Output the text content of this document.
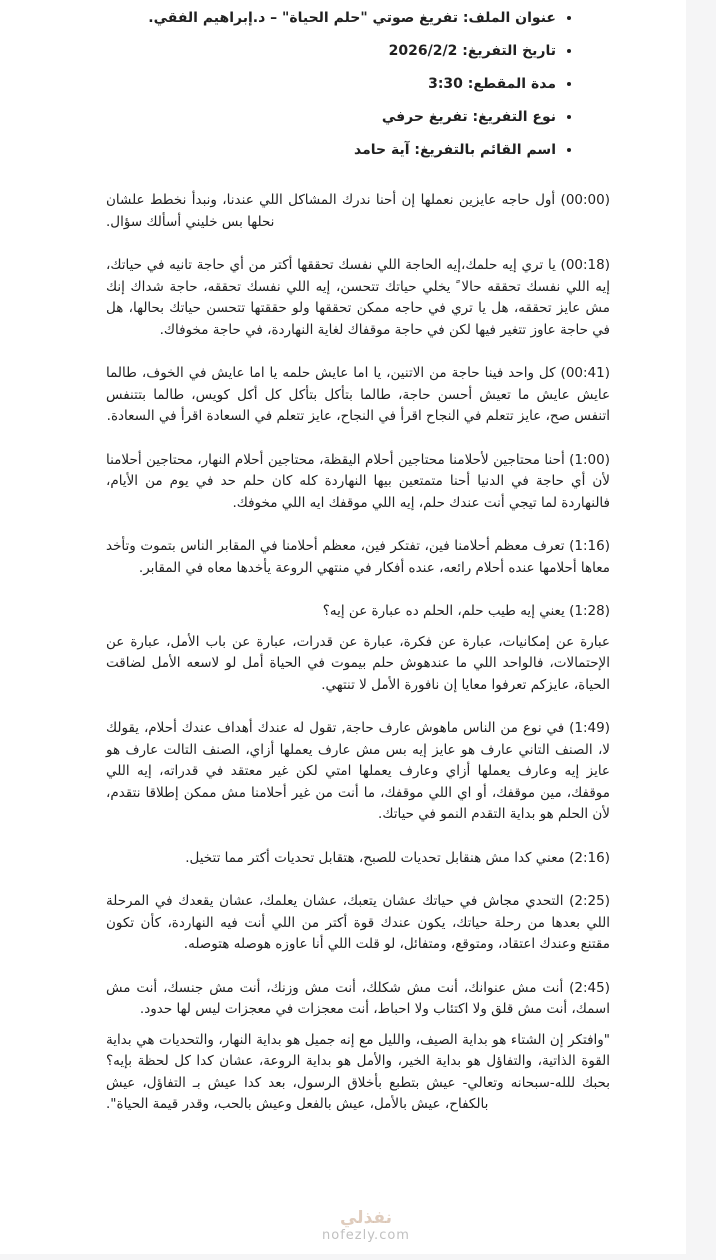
• عنوان الملف: تفريغ صوتي "حلم الحياة" – د.إبراهيم الفقي.
• تاريخ التفريغ: 2026/2/2
• مدة المقطع: 3:30
• نوع التفريغ: تفريغ حرفي
• اسم القائم بالتفريغ: آية حامد

(00:00) أول حاجه عايزين نعملها إن أحنا ندرك المشاكل اللي عندنا، ونبدأ نخطط علشان نحلها بس خليني أسألك سؤال.

(00:18) يا تري إيه حلمك،إيه الحاجة اللي نفسك تحققها أكتر من أي حاجة تانيه في حياتك، إيه اللي نفسك تحققه حالا ً يخلي حياتك تتحسن، إيه اللي نفسك تحققه، حاجة شداك إنك مش عايز تحققه، هل يا تري في حاجه ممكن تحققها ولو حققتها تتحسن حياتك بحالها، هل في حاجة عاوز تتغير فيها لكن في حاجة موقفاك لغاية النهاردة، في حاجة مخوفاك.

(00:41) كل واحد فينا حاجة من الاتنين، يا اما عايش حلمه يا اما عايش في الخوف، طالما عايش عايش ما تعيش أحسن حاجة، طالما بتأكل بتأكل كل أكل كويس، طالما بتتنفس اتنفس صح، عايز تتعلم في النجاح اقرأ في النجاح، عايز تتعلم في السعادة اقرأ في السعادة.

(1:00) أحنا محتاجين لأحلامنا محتاجين أحلام اليقظة، محتاجين أحلام النهار، محتاجين أحلامنا لأن أي حاجة في الدنيا أحنا متمتعين بيها النهاردة كله كان حلم حد في يوم من الأيام، فالنهاردة لما تيجي أنت عندك حلم، إيه اللي موقفك ايه اللي مخوفك.

(1:16) تعرف معظم أحلامنا فين، تفتكر فين، معظم أحلامنا في المقابر الناس بتموت وتأخد معاها أحلامها عنده أحلام رائعه، عنده أفكار في منتهي الروعة يأخدها معاه في المقابر.

(1:28) يعني إيه طيب حلم، الحلم ده عبارة عن إيه؟

عبارة عن إمكانيات، عبارة عن فكرة، عبارة عن قدرات، عبارة عن باب الأمل، عبارة عن الإحتمالات، فالواحد اللي ما عندهوش حلم بيموت في الحياة أمل لو لاسعه الأمل لضاقت الحياة، عايزكم تعرفوا معايا إن نافورة الأمل لا تنتهي.

(1:49) في نوع من الناس ماهوش عارف حاجة, تقول له عندك أهداف عندك أحلام، يقولك لا، الصنف التاني عارف هو عايز إيه بس مش عارف يعملها أزاي، الصنف التالت عارف هو عايز إيه وعارف يعملها أزاي وعارف يعملها امتي لكن غير معتقد في قدراته، إيه اللي موقفك، مين موقفك، أو اي اللي موقفك، ما أنت من غير أحلامنا مش ممكن إطلاقا نتقدم، لأن الحلم هو بداية التقدم النمو في حياتك.

(2:16) معني كدا مش هنقابل تحديات للصبح، هتقابل تحديات أكتر مما تتخيل.

(2:25) التحدي مجاش في حياتك عشان يتعبك، عشان يعلمك، عشان يقعدك في المرحلة اللي بعدها من رحلة حياتك، يكون عندك قوة أكتر من اللي أنت فيه النهاردة، كأن تكون مقتنع وعندك اعتقاد، ومتوقع، ومتفائل، لو قلت اللي أنا عاوزه هوصله هتوصله.

(2:45) أنت مش عنوانك، أنت مش شكلك، أنت مش وزنك، أنت مش جنسك، أنت مش اسمك، أنت مش قلق ولا اكتئاب ولا احباط، أنت معجزات في معجزات ليس لها حدود.

"وافتكر إن الشتاء هو بداية الصيف، والليل مع إنه جميل هو بداية النهار، والتحديات هي بداية القوة الذاتية، والتفاؤل هو بداية الخير، والأمل هو بداية الروعة، عشان كدا كل لحظة بإيه؟ بحبك للله-سبحانه وتعالي- عيش بتطبع بأخلاق الرسول، بعد كدا عيش بـ التفاؤل، عيش بالكفاح، عيش بالأمل، عيش بالفعل وعيش بالحب، وقدر قيمة الحياة".

نفذلي
nofezly.com
